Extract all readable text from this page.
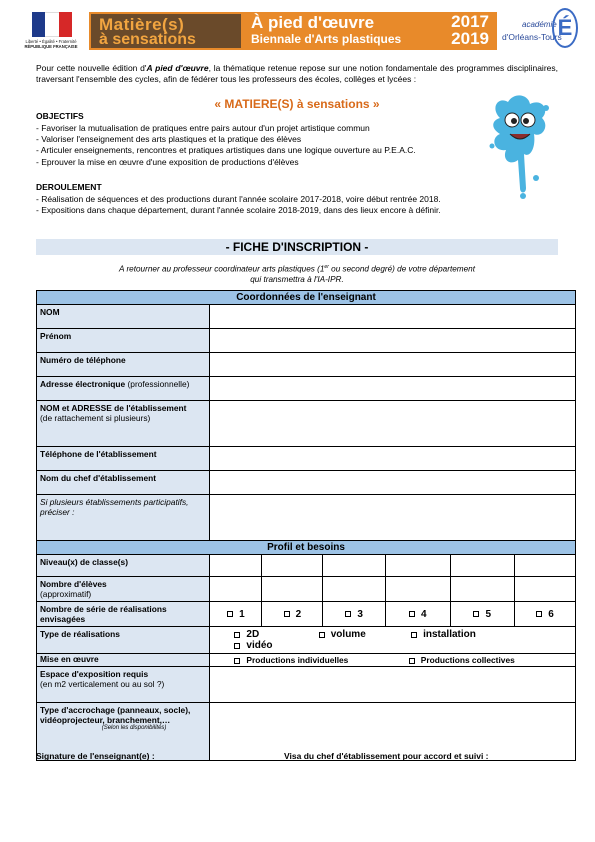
Liberté • Égalité • Fraternité
RÉPUBLIQUE FRANÇAISE
Matière(s)
à sensations
À pied d'œuvre
Biennale d'Arts plastiques
2017
2019
académie
d'Orléans-Tours
É
Pour cette nouvelle édition d'A pied d'œuvre, la thématique retenue repose sur une notion fondamentale des programmes disciplinaires, traversant l'ensemble des cycles, afin de fédérer tous les professeurs des écoles, collèges et lycées :
« MATIERE(S) à sensations »
OBJECTIFS
- Favoriser la mutualisation de pratiques entre pairs autour d'un projet artistique commun
- Valoriser l'enseignement des arts plastiques et la pratique des élèves
- Articuler enseignements, rencontres et pratiques artistiques dans une logique ouverture au P.E.A.C.
- Eprouver la mise en œuvre d'une exposition de productions d'élèves
DEROULEMENT
- Réalisation de séquences et des productions durant l'année scolaire 2017-2018, voire début rentrée 2018.
- Expositions dans chaque département, durant l'année scolaire 2018-2019, dans des lieux encore à définir.
- FICHE D'INSCRIPTION -
A retourner au professeur coordinateur arts plastiques (1er ou second degré) de votre département
qui transmettra à l'IA-IPR.
Coordonnées de l'enseignant						
NOM						
Prénom						
Numéro de téléphone						
Adresse électronique (professionnelle)						

NOM et ADRESSE de l'établissement
(de rattachement si plusieurs)						

Téléphone de l'établissement						
Nom du chef d'établissement						
Si plusieurs établissements participatifs, préciser :						
Profil et besoins						
Niveau(x) de classe(s)						

Nombre d'élèves
(approximatif)						

Nombre de série de réalisations envisagées	1	2	3	4	5	6
Type de réalisations	2D volume installation vidéo					
Mise en œuvre	Productions individuelles Productions collectives					

Espace d'exposition requis
(en m2 verticalement ou au sol ?)						

Type d'accrochage (panneaux, socle), vidéoprojecteur, branchement,…
(Selon les disponibilités)						

Signature de l'enseignant(e) :	Visa du chef d'établissement pour accord et suivi :
